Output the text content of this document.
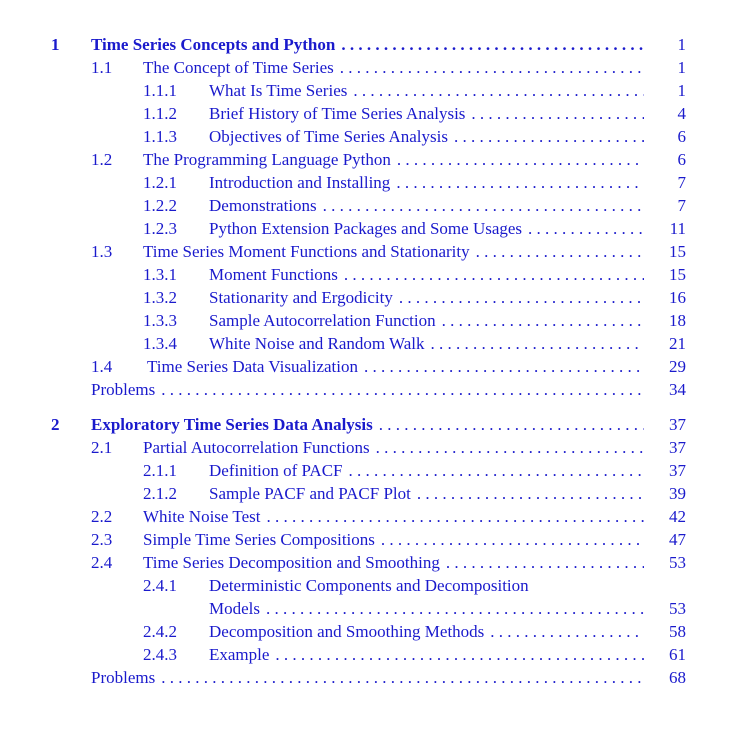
1 Time Series Concepts and Python . . .	1
1.1 The Concept of Time Series . . .	1
1.1.1 What Is Time Series . . .	1
1.1.2 Brief History of Time Series Analysis . . .	4
1.1.3 Objectives of Time Series Analysis . . .	6
1.2 The Programming Language Python . . .	6
1.2.1 Introduction and Installing . . .	7
1.2.2 Demonstrations . . .	7
1.2.3 Python Extension Packages and Some Usages . . .	11
1.3 Time Series Moment Functions and Stationarity . . .	15
1.3.1 Moment Functions . . .	15
1.3.2 Stationarity and Ergodicity . . .	16
1.3.3 Sample Autocorrelation Function . . .	18
1.3.4 White Noise and Random Walk . . .	21
1.4 Time Series Data Visualization . . .	29
Problems . . .	34
2 Exploratory Time Series Data Analysis . . .	37
2.1 Partial Autocorrelation Functions . . .	37
2.1.1 Definition of PACF . . .	37
2.1.2 Sample PACF and PACF Plot . . .	39
2.2 White Noise Test . . .	42
2.3 Simple Time Series Compositions . . .	47
2.4 Time Series Decomposition and Smoothing . . .	53
2.4.1 Deterministic Components and Decomposition
Models . . .	53
2.4.2 Decomposition and Smoothing Methods . . .	58
2.4.3 Example . . .	61
Problems . . .	68
